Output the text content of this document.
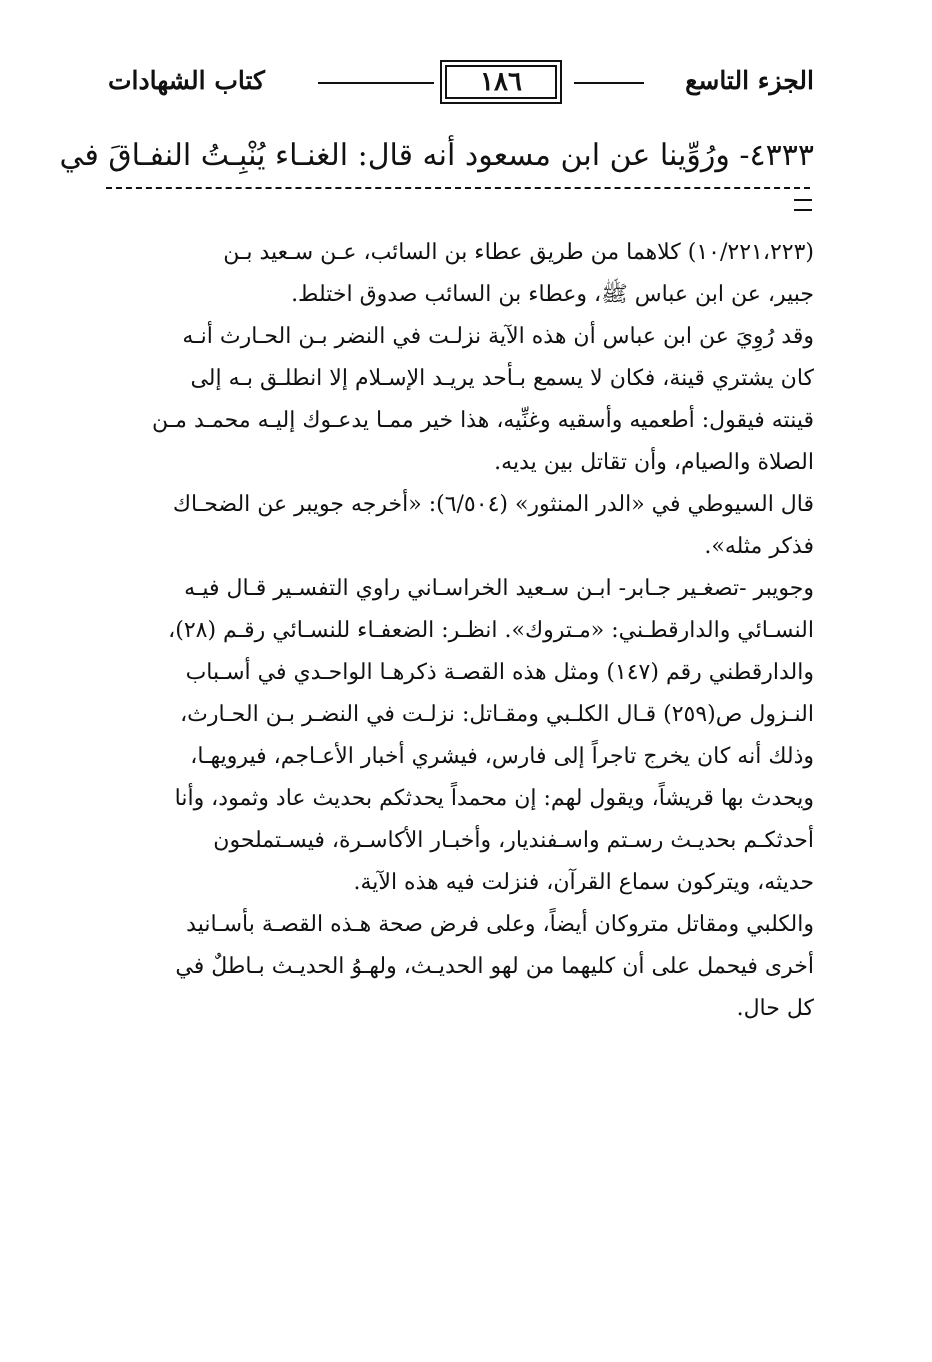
الجزء التاسع
١٨٦
كتاب الشهادات
٤٣٣٣- ورُوِّينا عن ابن مسعود أنه قال: الغنـاء يُنْبِـتُ النفـاقَ في
(١٠/٢٢١،٢٢٣) كلاهما من طريق عطاء بن السائب، عـن سـعيد بـن
جبير، عن ابن عباس ﷺ، وعطاء بن السائب صدوق اختلط.
وقد رُوِيَ عن ابن عباس أن هذه الآية نزلـت في النضر بـن الحـارث أنـه
كان يشتري قينة، فكان لا يسمع بـأحد يريـد الإسـلام إلا انطلـق بـه إلى
قينته فيقول: أطعميه وأسقيه وغنِّيه، هذا خير ممـا يدعـوك إليـه محمـد مـن
الصلاة والصيام، وأن تقاتل بين يديه.
قال السيوطي في «الدر المنثور» (٦/٥٠٤): «أخرجه جويبر عن الضحـاك
فذكر مثله».
وجويبر -تصغـير جـابر- ابـن سـعيد الخراسـاني راوي التفسـير قـال فيـه
النسـائي والدارقطـني: «مـتروك». انظـر: الضعفـاء للنسـائي رقـم (٢٨)،
والدارقطني رقم (١٤٧) ومثل هذه القصـة ذكرهـا الواحـدي في أسـباب
النـزول ص(٢٥٩) قـال الكلـبي ومقـاتل: نزلـت في النضـر بـن الحـارث،
وذلك أنه كان يخرج تاجراً إلى فارس، فيشري أخبار الأعـاجم، فيرويهـا،
ويحدث بها قريشاً، ويقول لهم: إن محمداً يحدثكم بحديث عاد وثمود، وأنا
أحدثكـم بحديـث رسـتم واسـفنديار، وأخبـار الأكاسـرة، فيسـتملحون
حديثه، ويتركون سماع القرآن، فنزلت فيه هذه الآية.
والكلبي ومقاتل متروكان أيضاً، وعلى فرض صحة هـذه القصـة بأسـانيد
أخرى فيحمل على أن كليهما من لهو الحديـث، ولهـوُ الحديـث بـاطلٌ في
كل حال.
